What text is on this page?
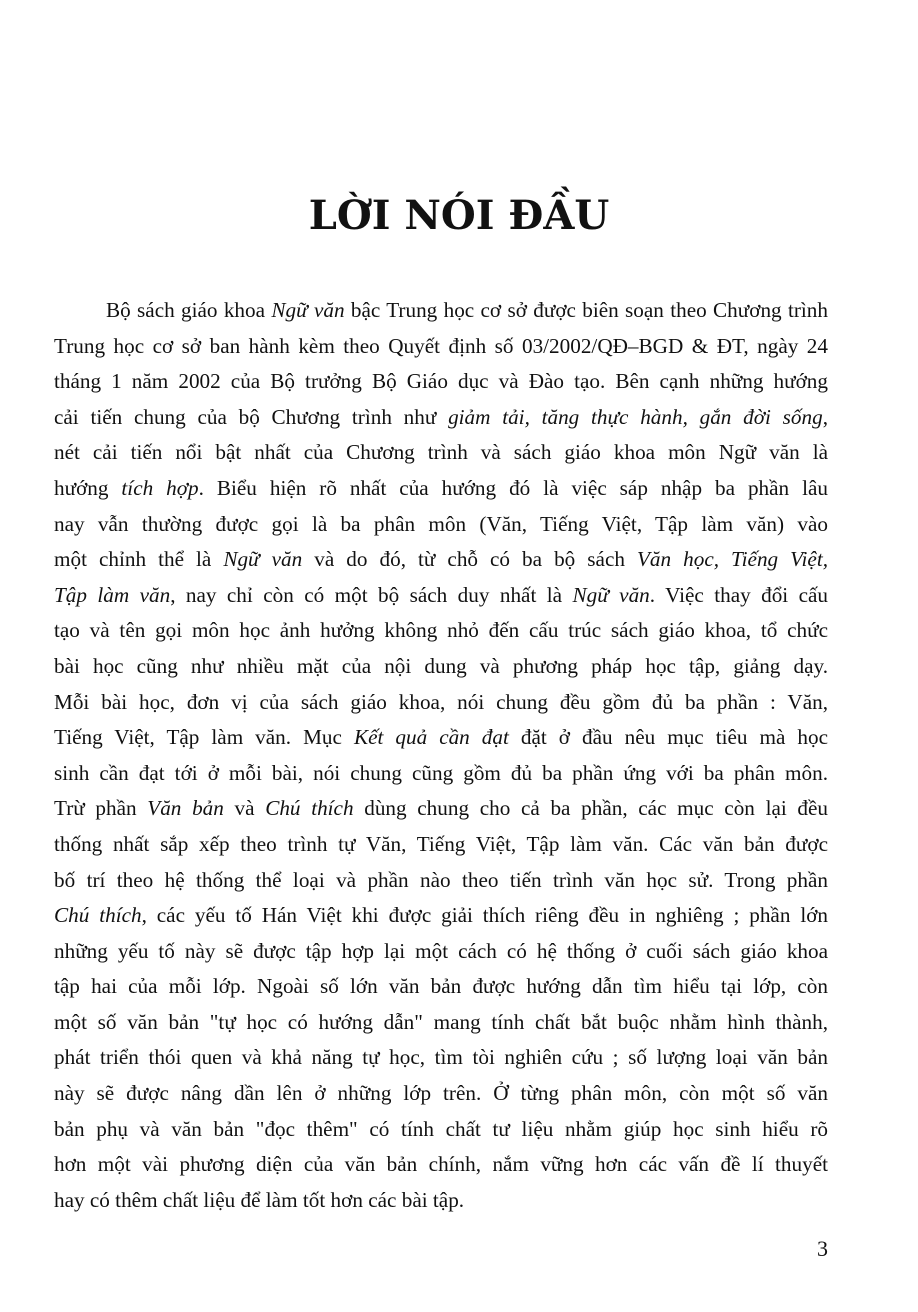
LỜI NÓI ĐẦU
Bộ sách giáo khoa Ngữ văn bậc Trung học cơ sở được biên soạn theo Chương trình
Trung học cơ sở ban hành kèm theo Quyết định số 03/2002/QĐ–BGD & ĐT, ngày 24
tháng 1 năm 2002 của Bộ trưởng Bộ Giáo dục và Đào tạo. Bên cạnh những hướng
cải tiến chung của bộ Chương trình như giảm tải, tăng thực hành, gắn đời sống,
nét cải tiến nổi bật nhất của Chương trình và sách giáo khoa môn Ngữ văn là
hướng tích hợp. Biểu hiện rõ nhất của hướng đó là việc sáp nhập ba phần lâu
nay vẫn thường được gọi là ba phân môn (Văn, Tiếng Việt, Tập làm văn) vào
một chỉnh thể là Ngữ văn và do đó, từ chỗ có ba bộ sách Văn học, Tiếng Việt,
Tập làm văn, nay chỉ còn có một bộ sách duy nhất là Ngữ văn. Việc thay đổi cấu
tạo và tên gọi môn học ảnh hưởng không nhỏ đến cấu trúc sách giáo khoa, tổ chức
bài học cũng như nhiều mặt của nội dung và phương pháp học tập, giảng dạy.
Mỗi bài học, đơn vị của sách giáo khoa, nói chung đều gồm đủ ba phần : Văn,
Tiếng Việt, Tập làm văn. Mục Kết quả cần đạt đặt ở đầu nêu mục tiêu mà học
sinh cần đạt tới ở mỗi bài, nói chung cũng gồm đủ ba phần ứng với ba phân môn.
Trừ phần Văn bản và Chú thích dùng chung cho cả ba phần, các mục còn lại đều
thống nhất sắp xếp theo trình tự Văn, Tiếng Việt, Tập làm văn. Các văn bản được
bố trí theo hệ thống thể loại và phần nào theo tiến trình văn học sử. Trong phần
Chú thích, các yếu tố Hán Việt khi được giải thích riêng đều in nghiêng ; phần lớn
những yếu tố này sẽ được tập hợp lại một cách có hệ thống ở cuối sách giáo khoa
tập hai của mỗi lớp. Ngoài số lớn văn bản được hướng dẫn tìm hiểu tại lớp, còn
một số văn bản "tự học có hướng dẫn" mang tính chất bắt buộc nhằm hình thành,
phát triển thói quen và khả năng tự học, tìm tòi nghiên cứu ; số lượng loại văn bản
này sẽ được nâng dần lên ở những lớp trên. Ở từng phân môn, còn một số văn
bản phụ và văn bản "đọc thêm" có tính chất tư liệu nhằm giúp học sinh hiểu rõ
hơn một vài phương diện của văn bản chính, nắm vững hơn các vấn đề lí thuyết
hay có thêm chất liệu để làm tốt hơn các bài tập.
3
